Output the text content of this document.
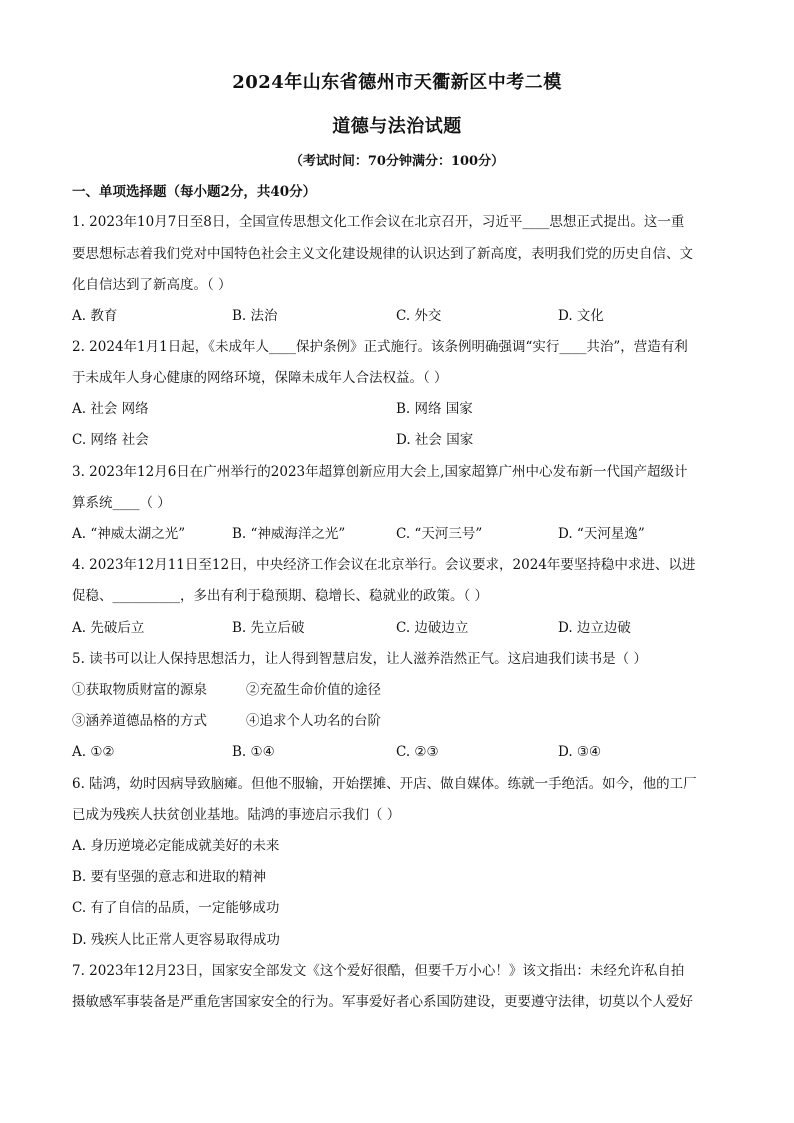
2024年山东省德州市天衢新区中考二模
道德与法治试题
（考试时间：70分钟满分：100分）
一、单项选择题（每小题2分，共40分）
1. 2023年10月7日至8日，全国宣传思想文化工作会议在北京召开，习近平____思想正式提出。这一重
要思想标志着我们党对中国特色社会主义文化建设规律的认识达到了新高度，表明我们党的历史自信、文
化自信达到了新高度。（ ）
A. 教育	B. 法治	C. 外交	D. 文化
2. 2024年1月1日起，《未成年人____保护条例》正式施行。该条例明确强调“实行____共治”，营造有利
于未成年人身心健康的网络环境，保障未成年人合法权益。（ ）
A. 社会 网络	B. 网络 国家
C. 网络 社会	D. 社会 国家
3. 2023年12月6日在广州举行的2023年超算创新应用大会上,国家超算广州中心发布新一代国产超级计
算系统____（ ）
A. “神威太湖之光”	B. “神威海洋之光”	C. “天河三号”	D. “天河星逸”
4. 2023年12月11日至12日，中央经济工作会议在北京举行。会议要求，2024年要坚持稳中求进、以进
促稳、__________，多出有利于稳预期、稳增长、稳就业的政策。（ ）
A. 先破后立	B. 先立后破	C. 边破边立	D. 边立边破
5. 读书可以让人保持思想活力，让人得到智慧启发，让人滋养浩然正气。这启迪我们读书是（ ）
①获取物质财富的源泉	②充盈生命价值的途径
③涵养道德品格的方式	④追求个人功名的台阶
A. ①②	B. ①④	C. ②③	D. ③④
6. 陆鸿，幼时因病导致脑瘫。但他不服输，开始摆摊、开店、做自媒体。练就一手绝活。如今，他的工厂
已成为残疾人扶贫创业基地。陆鸿的事迹启示我们（ ）
A. 身历逆境必定能成就美好的未来
B. 要有坚强的意志和进取的精神
C. 有了自信的品质，一定能够成功
D. 残疾人比正常人更容易取得成功
7. 2023年12月23日，国家安全部发文《这个爱好很酷，但要千万小心！》该文指出：未经允许私自拍
摄敏感军事装备是严重危害国家安全的行为。军事爱好者心系国防建设，更要遵守法律，切莫以个人爱好
